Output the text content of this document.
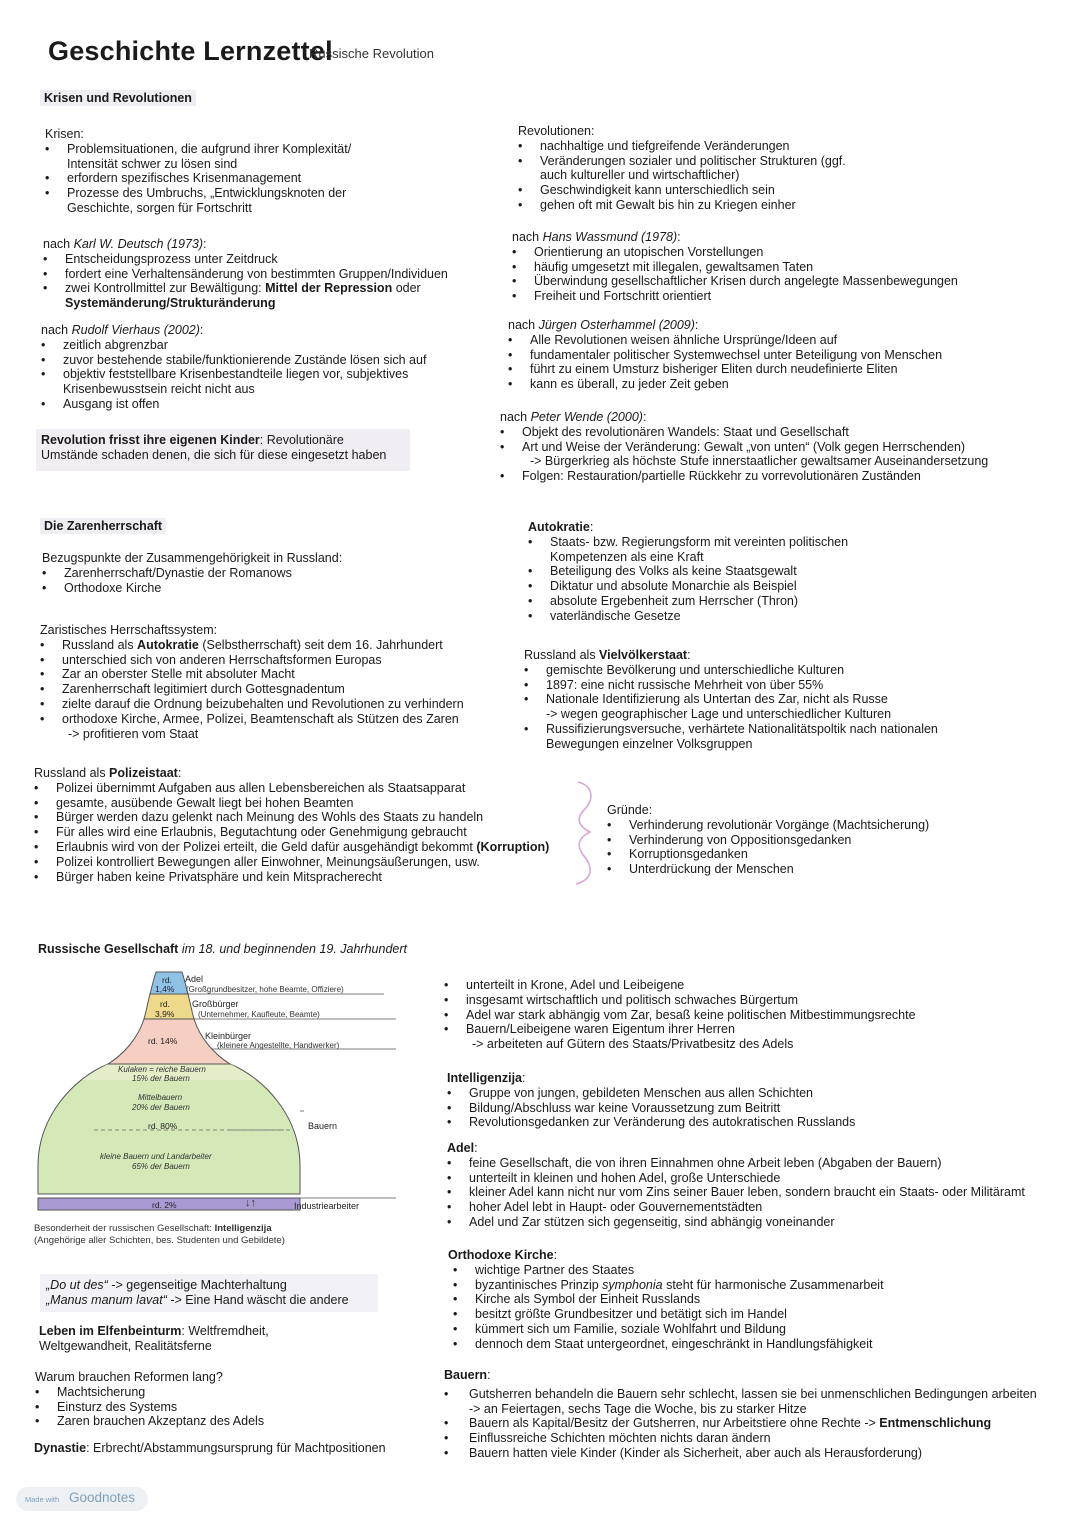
Geschichte Lernzettel
Russische Revolution
Krisen und Revolutionen
Krisen:
• Problemsituationen, die aufgrund ihrer Komplexität/
Intensität schwer zu lösen sind
• erfordern spezifisches Krisenmanagement
• Prozesse des Umbruchs, „Entwicklungsknoten der
Geschichte, sorgen für Fortschritt
nach Karl W. Deutsch (1973):
• Entscheidungsprozess unter Zeitdruck
• fordert eine Verhaltensänderung von bestimmten Gruppen/Individuen
• zwei Kontrollmittel zur Bewältigung: Mittel der Repression oder
Systemänderung/Strukturänderung
nach Rudolf Vierhaus (2002):
• zeitlich abgrenzbar
• zuvor bestehende stabile/funktionierende Zustände lösen sich auf
• objektiv feststellbare Krisenbestandteile liegen vor, subjektives
Krisenbewusstsein reicht nicht aus
• Ausgang ist offen
Revolution frisst ihre eigenen Kinder: Revolutionäre
Umstände schaden denen, die sich für diese eingesetzt haben
Revolutionen:
• nachhaltige und tiefgreifende Veränderungen
• Veränderungen sozialer und politischer Strukturen (ggf.
auch kultureller und wirtschaftlicher)
• Geschwindigkeit kann unterschiedlich sein
• gehen oft mit Gewalt bis hin zu Kriegen einher
nach Hans Wassmund (1978):
• Orientierung an utopischen Vorstellungen
• häufig umgesetzt mit illegalen, gewaltsamen Taten
• Überwindung gesellschaftlicher Krisen durch angelegte Massenbewegungen
• Freiheit und Fortschritt orientiert
nach Jürgen Osterhammel (2009):
• Alle Revolutionen weisen ähnliche Ursprünge/Ideen auf
• fundamentaler politischer Systemwechsel unter Beteiligung von Menschen
• führt zu einem Umsturz bisheriger Eliten durch neudefinierte Eliten
• kann es überall, zu jeder Zeit geben
nach Peter Wende (2000):
• Objekt des revolutionären Wandels: Staat und Gesellschaft
• Art und Weise der Veränderung: Gewalt „von unten“ (Volk gegen Herrschenden)
-> Bürgerkrieg als höchste Stufe innerstaatlicher gewaltsamer Auseinandersetzung
• Folgen: Restauration/partielle Rückkehr zu vorrevolutionären Zuständen
Die Zarenherrschaft
Bezugspunkte der Zusammengehörigkeit in Russland:
• Zarenherrschaft/Dynastie der Romanows
• Orthodoxe Kirche
Zaristisches Herrschaftssystem:
• Russland als Autokratie (Selbstherrschaft) seit dem 16. Jahrhundert
• unterschied sich von anderen Herrschaftsformen Europas
• Zar an oberster Stelle mit absoluter Macht
• Zarenherrschaft legitimiert durch Gottesgnadentum
• zielte darauf die Ordnung beizubehalten und Revolutionen zu verhindern
• orthodoxe Kirche, Armee, Polizei, Beamtenschaft als Stützen des Zaren
-> profitieren vom Staat
Autokratie:
• Staats- bzw. Regierungsform mit vereinten politischen
Kompetenzen als eine Kraft
• Beteiligung des Volks als keine Staatsgewalt
• Diktatur und absolute Monarchie als Beispiel
• absolute Ergebenheit zum Herrscher (Thron)
• vaterländische Gesetze
Russland als Vielvölkerstaat:
• gemischte Bevölkerung und unterschiedliche Kulturen
• 1897: eine nicht russische Mehrheit von über 55%
• Nationale Identifizierung als Untertan des Zar, nicht als Russe
-> wegen geographischer Lage und unterschiedlicher Kulturen
• Russifizierungsversuche, verhärtete Nationalitätspoltik nach nationalen
Bewegungen einzelner Volksgruppen
Russland als Polizeistaat:
• Polizei übernimmt Aufgaben aus allen Lebensbereichen als Staatsapparat
• gesamte, ausübende Gewalt liegt bei hohen Beamten
• Bürger werden dazu gelenkt nach Meinung des Wohls des Staats zu handeln
• Für alles wird eine Erlaubnis, Begutachtung oder Genehmigung gebraucht
• Erlaubnis wird von der Polizei erteilt, die Geld dafür ausgehändigt bekommt (Korruption)
• Polizei kontrolliert Bewegungen aller Einwohner, Meinungsäußerungen, usw.
• Bürger haben keine Privatsphäre und kein Mitspracherecht
Gründe:
• Verhinderung revolutionär Vorgänge (Machtsicherung)
• Verhinderung von Oppositionsgedanken
• Korruptionsgedanken
• Unterdrückung der Menschen
Russische Gesellschaft im 18. und beginnenden 19. Jahrhundert
↓↑
rd.
1,4%
Adel
(Großgrundbesitzer, hohe Beamte, Offiziere)
rd.
3,9%
Großbürger
(Unternehmer, Kaufleute, Beamte)
rd. 14%	Kleinbürger
(kleinere Angestellte, Handwerker)
Kulaken = reiche Bauern
15% der Bauern
Mittelbauern
20% der Bauern
rd. 80%	Bauern
kleine Bauern und Landarbeiter
65% der Bauern
rd. 2%	Industriearbeiter
Besonderheit der russischen Gesellschaft: Intelligenzija
(Angehörige aller Schichten, bes. Studenten und Gebildete)
„Do ut des“ -> gegenseitige Machterhaltung
„Manus manum lavat“ -> Eine Hand wäscht die andere
Leben im Elfenbeinturm: Weltfremdheit,
Weltgewandheit, Realitätsferne
Warum brauchen Reformen lang?
• Machtsicherung
• Einsturz des Systems
• Zaren brauchen Akzeptanz des Adels
Dynastie: Erbrecht/Abstammungsursprung für Machtpositionen
• unterteilt in Krone, Adel und Leibeigene
• insgesamt wirtschaftlich und politisch schwaches Bürgertum
• Adel war stark abhängig vom Zar, besaß keine politischen Mitbestimmungsrechte
• Bauern/Leibeigene waren Eigentum ihrer Herren
-> arbeiteten auf Gütern des Staats/Privatbesitz des Adels
Intelligenzija:
• Gruppe von jungen, gebildeten Menschen aus allen Schichten
• Bildung/Abschluss war keine Voraussetzung zum Beitritt
• Revolutionsgedanken zur Veränderung des autokratischen Russlands
Adel:
• feine Gesellschaft, die von ihren Einnahmen ohne Arbeit leben (Abgaben der Bauern)
• unterteilt in kleinen und hohen Adel, große Unterschiede
• kleiner Adel kann nicht nur vom Zins seiner Bauer leben, sondern braucht ein Staats- oder Militäramt
• hoher Adel lebt in Haupt- oder Gouvernementstädten
• Adel und Zar stützen sich gegenseitig, sind abhängig voneinander
Orthodoxe Kirche:
• wichtige Partner des Staates
• byzantinisches Prinzip symphonia steht für harmonische Zusammenarbeit
• Kirche als Symbol der Einheit Russlands
• besitzt größte Grundbesitzer und betätigt sich im Handel
• kümmert sich um Familie, soziale Wohlfahrt und Bildung
• dennoch dem Staat untergeordnet, eingeschränkt in Handlungsfähigkeit
Bauern:
• Gutsherren behandeln die Bauern sehr schlecht, lassen sie bei unmenschlichen Bedingungen arbeiten
-> an Feiertagen, sechs Tage die Woche, bis zu starker Hitze
• Bauern als Kapital/Besitz der Gutsherren, nur Arbeitstiere ohne Rechte -> Entmenschlichung
• Einflussreiche Schichten möchten nichts daran ändern
• Bauern hatten viele Kinder (Kinder als Sicherheit, aber auch als Herausforderung)
Made with Goodnotes
